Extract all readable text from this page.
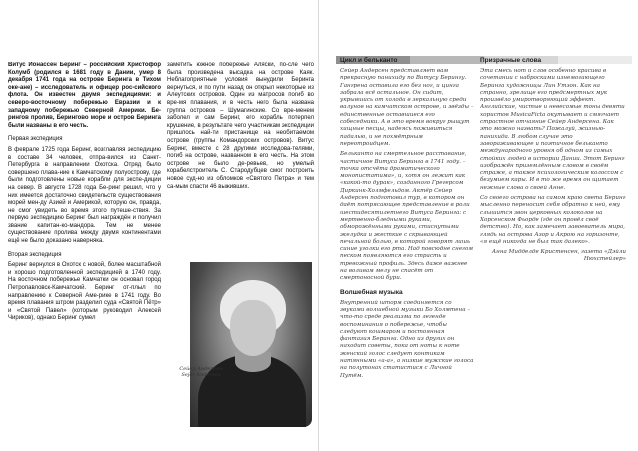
Витус Ионассен Беринг – российский Христофор Колумб (родился в 1681 году в Дании, умер 8 декабря 1741 года на острове Беринга в Тихом оке-ане) – исследователь и офицер рос-сийского флота. Он известен двумя экспедициями: и северо-восточному побережью Евразии и к западному побережью Северной Америки. Бе-рингов пролив, Берингово море и остров Беринга были названы в его честь.

Первая экспедиция

В феврале 1725 года Беринг, возглавляя экспедицию в составе 34 человек, отпра-вился из Санкт-Петербурга в направлении Охотска. Отряд было совершено плава-ние к Камчатскому полуострову, где были подготовлены новые корабли для экспе-диции на север. В августе 1728 года Бе-ринг решил, что у них имеется достаточно свидетельств существования морей мен-ду Азией и Америкой, которую он, правда, не смог увидеть во время этого путеше-ствия. За первую экспедицию Беринг был награждён и получил звание капитан-ко-мандора. Тем не менее существование пролива между двумя континентами ещё не было доказано наверняка.

Вторая экспедиция

Беринг вернулся в Охотск с новой, более масштабной и хорошо подготовленной экспедицией в 1740 году. На восточном побережье Камчатки он основал город Петропавловск-Камчатский. Беринг от-плыл по направлению к Северной Аме-рике в 1741 году. Во время плавания штром разделил суда «Святой Пётр» и «Святой Павел» (которым руководил Алексей Чириков), однако Беринг сумел

заметить южное побережье Аляски, по-сле чего была произведена высадка на острове Каяк. Неблагоприятные условия вынудили Беринга вернуться, и по пути назад он открыл некоторые из Алеутских островов. Один из матросов погиб во вре-мя плавания, и в честь него была названа группа островов – Шумагинские. Со вре-менем заболел и сам Беринг, его корабль потерпел крушение, в результате чего участникам экспедиции пришлось най-ти пристанище на необитаемом острове (группы Командорских островов). Витус Беринг, вместе с 28 другими исследова-телями, погиб на острове, названном в его честь. На этом острове не было де-ревьев, но умелый корабелстроитель С. Стародубцев смог построить новое суд-но из обломков «Святого Петра» и тем са-мым спасти 46 выживших.

Сейер Андерсен
Sejer Andersen

Цикл и бельканто

Сейер Андерсен представляет вам прекрасную панихиду по Витусу Берингу. Гангрена оставила его без ног, и цинга забрала всё остальное. Он сидит, укрывшись от холода в зеркальную среди валунов на камчатском острове, и звёзды – единственные оставшиеся его собеседники. А в это время вокруг рыщут хищные песцы, надеясь поживиться падалью, и не похмётрным переотроидцем.

Бельканто на смертельное расставание, частичное Витуса Беринга в 1741 году. – точка отсчёта драматического монопистатима», и, хотя он лежит как «какой-то дурак», созданного Грегерсом Диркинк-Холмфельдом. Актёр Сейер Андерсен подготовил тур, в котором он даёт потрясающее представление в роли шестидесятилетнего Витуса Беринга: с мертвенно-бледными руками, обморожёнными руками, стиснутыми желудка и жесткие с скрывающей печальной болью, в которой говорят лишь синие уголки его рта. Над повсюдне снегом песком появляются его страсть и тревожный профиль. Здесь даже важнее на воливам мелу не спасёт от смертоносной бури.

Волшебная музыка

Внутренний шторм соединяется со звуками волшебной музыки Бо Холмтена – что-то среде реализма по легенде воспоминания о побережье, чтобы следуют кошмаром и постоянная фантазия Беринга. Одно из других он находит советы, пока от ноты к ноте женский голос следует контикам натянными «а-а», а низкие мужские голоса на полутонах статистися с Личной Путём.

Призрачные слова

Эта смесь нот и слов особенно красива в сочетании с набросками изнемогающего Беринга художницы Лин Утзон. Как на странно, зрелище его предсмертных мук произвёло умиротворяющий эффект. Английские, чистые и невесомые тоны девяти хористов MusicaFicta окутывает и смягчает страстное отчаяние Сейер Андерсена. Как это можно назвать? Пожалуй, жизнью-панихида. В любом случае это завораживающее и поэтичное бельканто международного уровня об одном из самых стойких людей в истории Дании. Этот Беринг изображён приземлённым словом в своём страже, а также психологическим колоссом с безумием кары. И в то же время он щитает нежные слова о своей Анне.

Со своего острова на самом краю света Беринг мысленно переносит себя обратно к ней, ему слышится звон церковных колоколов на Хорсенском Фьорде (где он провёл своё детство). Но, как замечает завоеватель мира, глядь на острова Азор и Акрою на горизонте, «я ещё никогда не был так далеко».

Анна Мидделде Кристенсен, газета «Дэйли Нюхстейлер»
